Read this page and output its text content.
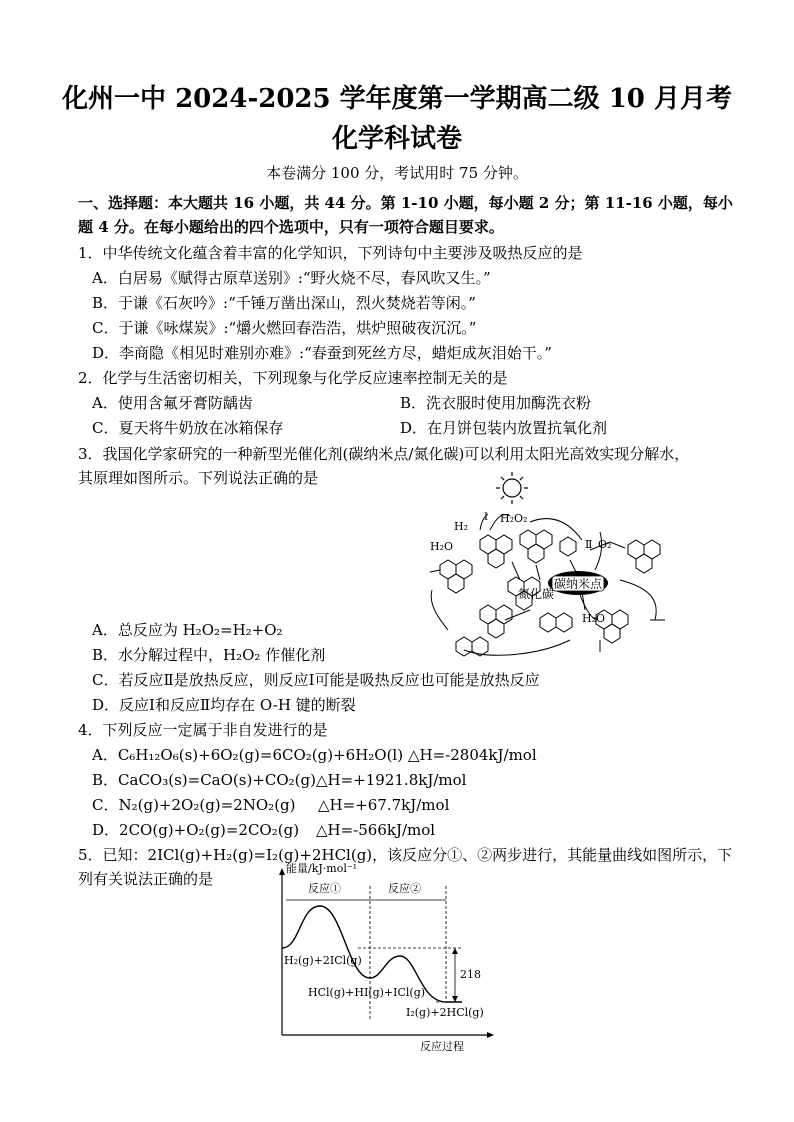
化州一中 2024-2025 学年度第一学期高二级 10 月月考
化学科试卷
本卷满分 100 分，考试用时 75 分钟。
一、选择题：本大题共 16 小题，共 44 分。第 1-10 小题，每小题 2 分；第 11-16 小题，每小
题 4 分。在每小题给出的四个选项中，只有一项符合题目要求。
1．中华传统文化蕴含着丰富的化学知识，下列诗句中主要涉及吸热反应的是
A．白居易《赋得古原草送别》:“野火烧不尽，春风吹又生。”
B．于谦《石灰吟》:“千锤万凿出深山，烈火焚烧若等闲。”
C．于谦《咏煤炭》:“爝火燃回春浩浩，烘炉照破夜沉沉。”
D．李商隐《相见时难别亦难》:“春蚕到死丝方尽，蜡炬成灰泪始干。”
2．化学与生活密切相关，下列现象与化学反应速率控制无关的是
A．使用含氟牙膏防龋齿	B．洗衣服时使用加酶洗衣粉
C．夏天将牛奶放在冰箱保存	D．在月饼包装内放置抗氧化剂
3．我国化学家研究的一种新型光催化剂(碳纳米点/氮化碳)可以利用太阳光高效实现分解水，
其原理如图所示。下列说法正确的是
碳纳米点
氮化碳
H₂
Ⅰ H₂O₂
H₂O	Ⅱ O₂
H₂O
A．总反应为 H₂O₂=H₂+O₂
B．水分解过程中，H₂O₂ 作催化剂
C．若反应Ⅱ是放热反应，则反应Ⅰ可能是吸热反应也可能是放热反应
D．反应Ⅰ和反应Ⅱ均存在 O-H 键的断裂
4．下列反应一定属于非自发进行的是
A．C₆H₁₂O₆(s)+6O₂(g)=6CO₂(g)+6H₂O(l) △H=-2804kJ/mol
B．CaCO₃(s)=CaO(s)+CO₂(g) △H=+1921.8kJ/mol
C．N₂(g)+2O₂(g)=2NO₂(g) △H=+67.7kJ/mol
D．2CO(g)+O₂(g)=2CO₂(g) △H=-566kJ/mol
5．已知：2ICl(g)+H₂(g)=I₂(g)+2HCl(g)，该反应分①、②两步进行，其能量曲线如图所示，下
列有关说法正确的是
能量/kJ·mol⁻¹
反应过程
反应①	反应②
218
H₂(g)+2ICl(g)
HCl(g)+HI(g)+ICl(g)
I₂(g)+2HCl(g)
